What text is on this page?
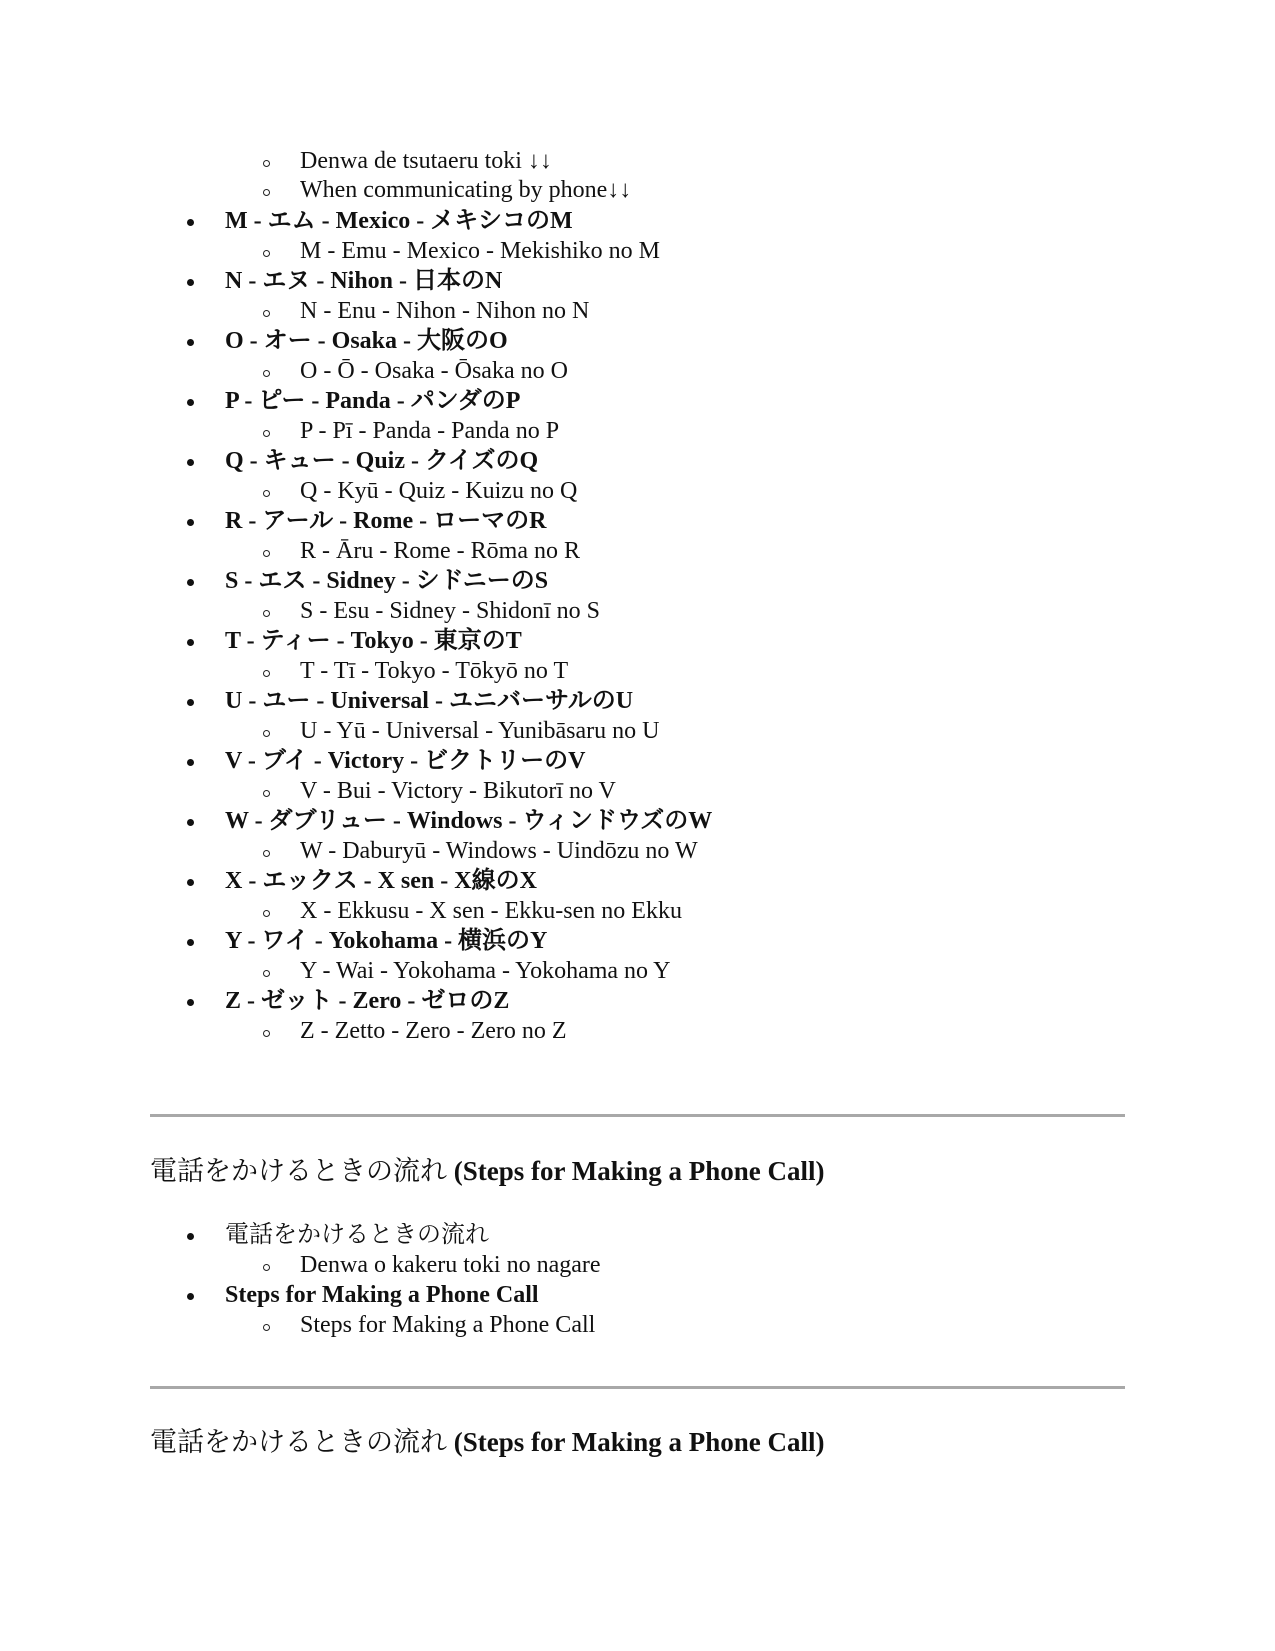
Denwa de tsutaeru toki ↓↓
When communicating by phone↓↓
M - エム - Mexico - メキシコのM
M - Emu - Mexico - Mekishiko no M
N - エヌ - Nihon - 日本のN
N - Enu - Nihon - Nihon no N
O - オー - Osaka - 大阪のO
O - Ō - Osaka - Ōsaka no O
P - ピー - Panda - パンダのP
P - Pī - Panda - Panda no P
Q - キュー - Quiz - クイズのQ
Q - Kyū - Quiz - Kuizu no Q
R - アール - Rome - ローマのR
R - Āru - Rome - Rōma no R
S - エス - Sidney - シドニーのS
S - Esu - Sidney - Shidonī no S
T - ティー - Tokyo - 東京のT
T - Tī - Tokyo - Tōkyō no T
U - ユー - Universal - ユニバーサルのU
U - Yū - Universal - Yunibāsaru no U
V - ブイ - Victory - ビクトリーのV
V - Bui - Victory - Bikutorī no V
W - ダブリュー - Windows - ウィンドウズのW
W - Daburyū - Windows - Uindōzu no W
X - エックス - X sen - X線のX
X - Ekkusu - X sen - Ekku-sen no Ekku
Y - ワイ - Yokohama - 横浜のY
Y - Wai - Yokohama - Yokohama no Y
Z - ゼット - Zero - ゼロのZ
Z - Zetto - Zero - Zero no Z
電話をかけるときの流れ (Steps for Making a Phone Call)
電話をかけるときの流れ
Denwa o kakeru toki no nagare
Steps for Making a Phone Call
Steps for Making a Phone Call
電話をかけるときの流れ (Steps for Making a Phone Call)
